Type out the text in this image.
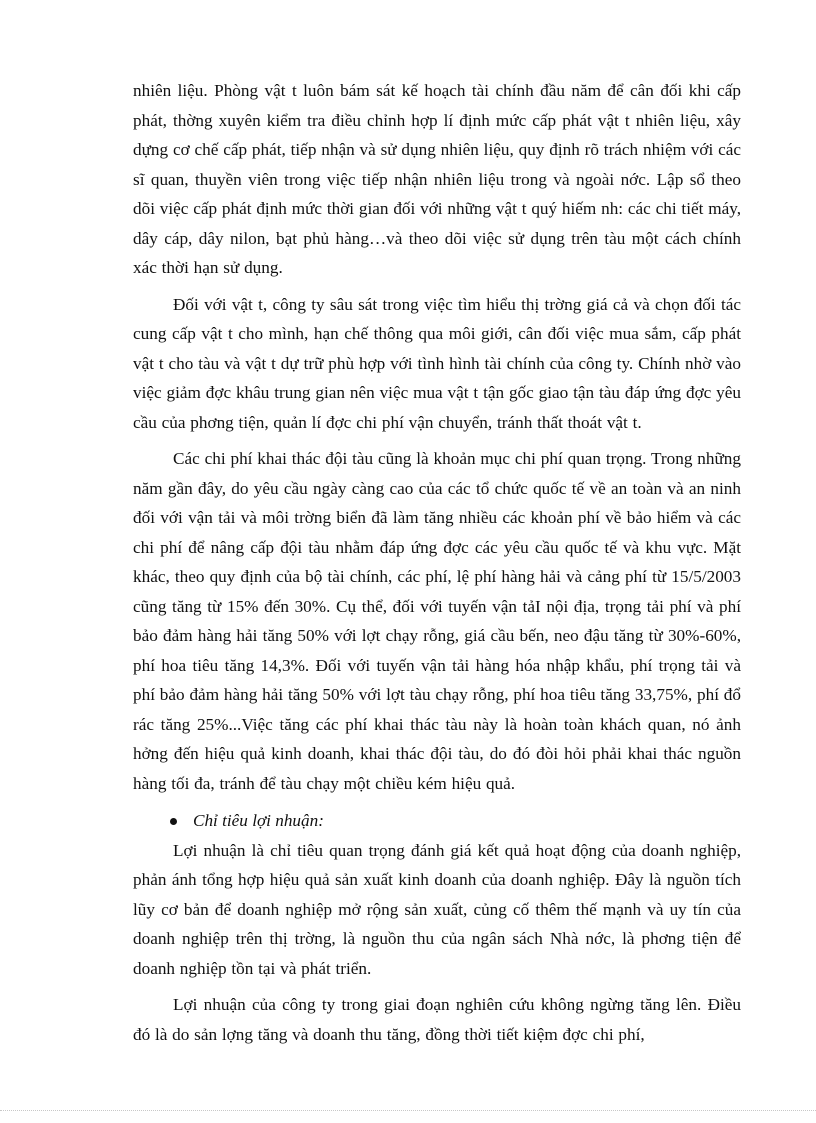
nhiên liệu. Phòng vật t luôn bám sát kế hoạch tài chính đầu năm để cân đối khi cấp phát, thờng xuyên kiểm tra điều chỉnh hợp lí định mức cấp phát vật t nhiên liệu, xây dựng cơ chế cấp phát, tiếp nhận và sử dụng nhiên liệu, quy định rõ trách nhiệm với các sĩ quan, thuyền viên trong việc tiếp nhận nhiên liệu trong và ngoài nớc. Lập sổ theo dõi việc cấp phát định mức thời gian đối với những vật t quý hiếm nh: các chi tiết máy, dây cáp, dây nilon, bạt phủ hàng…và theo dõi việc sử dụng trên tàu một cách chính xác thời hạn sử dụng.

Đối với vật t, công ty sâu sát trong việc tìm hiểu thị trờng giá cả và chọn đối tác cung cấp vật t cho mình, hạn chế thông qua môi giới, cân đối việc mua sắm, cấp phát vật t cho tàu và vật t dự trữ phù hợp với tình hình tài chính của công ty. Chính nhờ vào việc giảm đợc khâu trung gian nên việc mua vật t tận gốc giao tận tàu đáp ứng đợc yêu cầu của phơng tiện, quản lí đợc chi phí vận chuyển, tránh thất thoát vật t.

Các chi phí khai thác đội tàu cũng là khoản mục chi phí quan trọng. Trong những năm gần đây, do yêu cầu ngày càng cao của các tổ chức quốc tế về an toàn và an ninh đối với vận tải và môi trờng biển đã làm tăng nhiều các khoản phí về bảo hiểm và các chi phí để nâng cấp đội tàu nhằm đáp ứng đợc các yêu cầu quốc tế và khu vực. Mặt khác, theo quy định của bộ tài chính, các phí, lệ phí hàng hải và cảng phí từ 15/5/2003 cũng tăng từ 15% đến 30%. Cụ thể, đối với tuyến vận tảI nội địa, trọng tải phí và phí bảo đảm hàng hải tăng 50% với lợt chạy rỗng, giá cầu bến, neo đậu tăng từ 30%-60%, phí hoa tiêu tăng 14,3%. Đối với tuyến vận tải hàng hóa nhập khẩu, phí trọng tải và phí bảo đảm hàng hải tăng 50% với lợt tàu chạy rỗng, phí hoa tiêu tăng 33,75%, phí đổ rác tăng 25%...Việc tăng các phí khai thác tàu này là hoàn toàn khách quan, nó ảnh hởng đến hiệu quả kinh doanh, khai thác đội tàu, do đó đòi hỏi phải khai thác nguồn hàng tối đa, tránh để tàu chạy một chiều kém hiệu quả.

Chỉ tiêu lợi nhuận:

Lợi nhuận là chỉ tiêu quan trọng đánh giá kết quả hoạt động của doanh nghiệp, phản ánh tổng hợp hiệu quả sản xuất kinh doanh của doanh nghiệp. Đây là nguồn tích lũy cơ bản để doanh nghiệp mở rộng sản xuất, củng cố thêm thế mạnh và uy tín của doanh nghiệp trên thị trờng, là nguồn thu của ngân sách Nhà nớc, là phơng tiện để doanh nghiệp tồn tại và phát triển.

Lợi nhuận của công ty trong giai đoạn nghiên cứu không ngừng tăng lên. Điều đó là do sản lợng tăng và doanh thu tăng, đồng thời tiết kiệm đợc chi phí,
